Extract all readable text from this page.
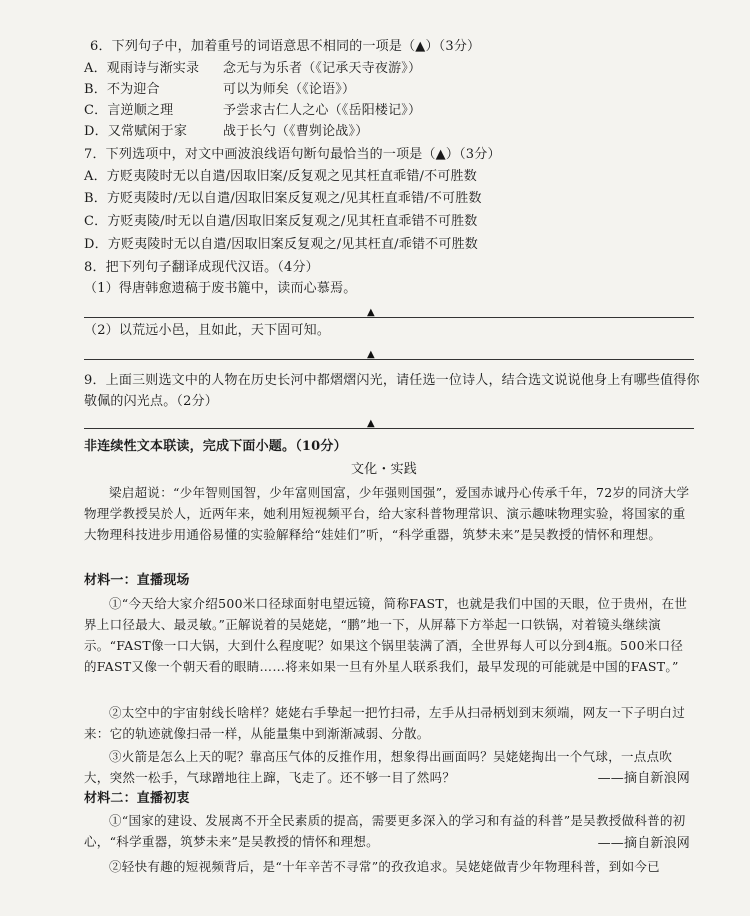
6．下列句子中，加着重号的词语意思不相同的一项是（▲）（3分）
A．观雨诗与渐实录 念无与为乐者（《记承天寺夜游》）
B．不为迎合	可以为师矣（《论语》）
C．言逆顺之理	予尝求古仁人之心（《岳阳楼记》）
D．又常赋闲于家	战于长勺（《曹刿论战》）
7．下列选项中，对文中画波浪线语句断句最恰当的一项是（▲）（3分）
A．方贬夷陵时无以自遣/因取旧案/反复观之见其枉直乖错/不可胜数
B．方贬夷陵时/无以自遣/因取旧案反复观之/见其枉直乖错/不可胜数
C．方贬夷陵/时无以自遣/因取旧案反复观之/见其枉直乖错不可胜数
D．方贬夷陵时无以自遣/因取旧案反复观之/见其枉直/乖错不可胜数
8．把下列句子翻译成现代汉语。（4分）
（1）得唐韩愈遗稿于废书簏中，读而心慕焉。
▲
（2）以荒远小邑，且如此，天下固可知。
▲
9．上面三则选文中的人物在历史长河中都熠熠闪光，请任选一位诗人，结合选文说说他身上有哪些值得你
敬佩的闪光点。（2分）
▲
非连续性文本联读，完成下面小题。（10分）
文化・实践
梁启超说：“少年智则国智，少年富则国富，少年强则国强”，爱国赤诚丹心传承千年，72岁的同济大学物理学教授吴於人，近两年来，她利用短视频平台，给大家科普物理常识、演示趣味物理实验，将国家的重大物理科技进步用通俗易懂的实验解释给“娃娃们”听，“科学重器，筑梦未来”是吴教授的情怀和理想。
材料一：直播现场
①“今天给大家介绍500米口径球面射电望远镜，简称FAST，也就是我们中国的天眼，位于贵州，在世界上口径最大、最灵敏。”正解说着的吴姥姥，“鹏”地一下，从屏幕下方举起一口铁锅，对着镜头继续演示。“FAST像一口大锅，大到什么程度呢？如果这个锅里装满了酒，全世界每人可以分到4瓶。500米口径的FAST又像一个朝天看的眼睛……将来如果一旦有外星人联系我们，最早发现的可能就是中国的FAST。”
②太空中的宇宙射线长啥样？姥姥右手挚起一把竹扫帚，左手从扫帚柄划到末须端，网友一下子明白过来：它的轨迹就像扫帚一样，从能量集中到渐渐减弱、分散。
③火箭是怎么上天的呢？靠高压气体的反推作用，想象得出画面吗？吴姥姥掏出一个气球，一点点吹大，突然一松手，气球蹭地往上蹿，飞走了。还不够一目了然吗？	——摘自新浪网
材料二：直播初衷
①“国家的建设、发展离不开全民素质的提高，需要更多深入的学习和有益的科普”是吴教授做科普的初心，“科学重器，筑梦未来”是吴教授的情怀和理想。	——摘自新浪网
②轻快有趣的短视频背后，是“十年辛苦不寻常”的孜孜追求。吴姥姥做青少年物理科普，到如今已
